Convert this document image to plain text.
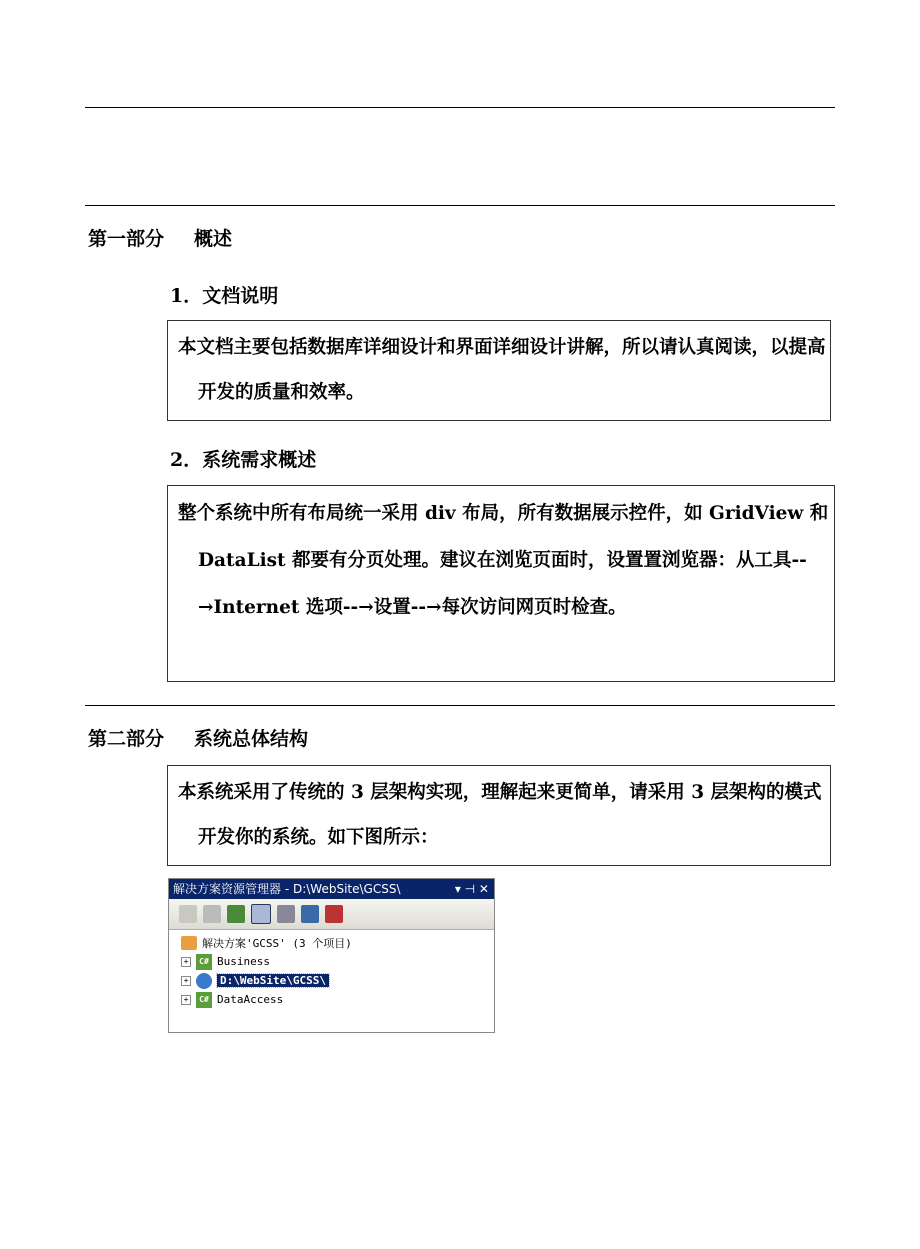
第一部分 概述
1．文档说明

本文档主要包括数据库详细设计和界面详细设计讲解，所以请认真阅读，以提高开发的质量和效率。

2．系统需求概述

整个系统中所有布局统一采用 div 布局，所有数据展示控件，如 GridView 和 DataList 都要有分页处理。建议在浏览页面时，设置置浏览器：从工具--→Internet 选项--→设置--→每次访问网页时检查。

第二部分 系统总体结构

本系统采用了传统的 3 层架构实现，理解起来更简单，请采用 3 层架构的模式开发你的系统。如下图所示：

解决方案资源管理器 - D:\WebSite\GCSS\	▾ ⊣ ✕
解决方案'GCSS' (3 个项目)
+	C# Business
+	D:\WebSite\GCSS\
+	C# DataAccess
